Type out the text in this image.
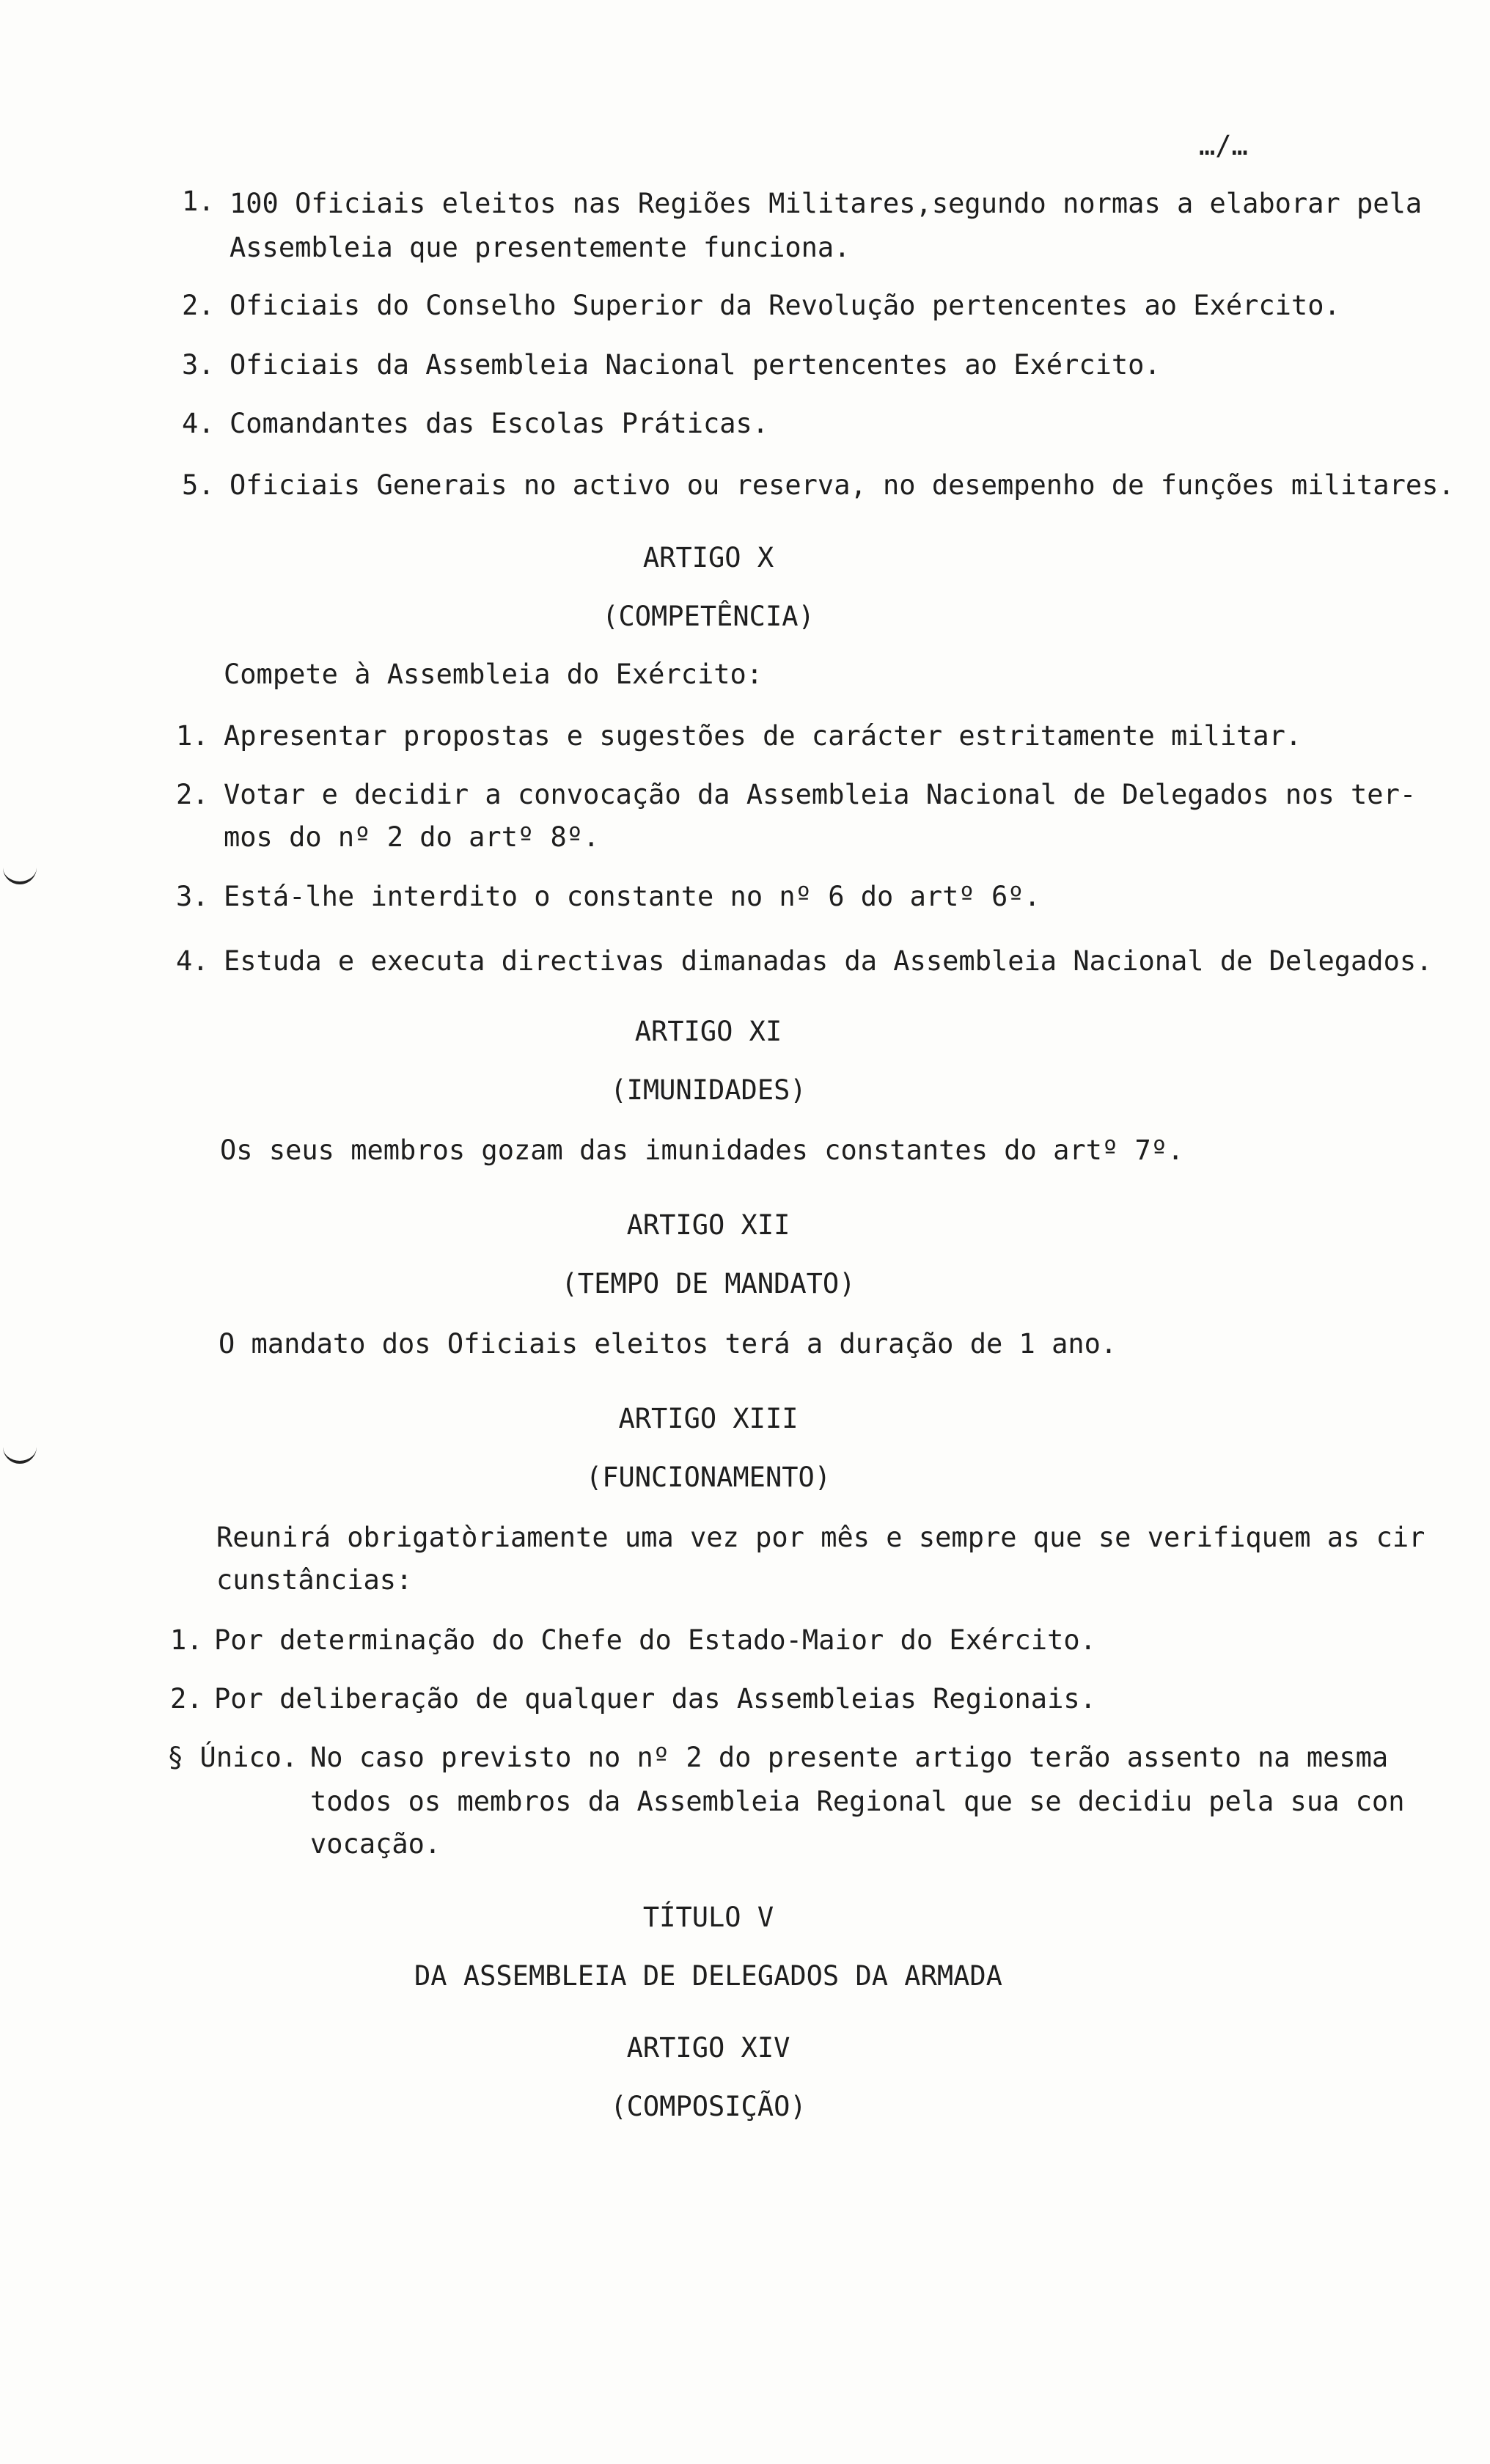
…/…
1. 100 Oficiais eleitos nas Regiões Militares,segundo normas a elaborar pela
Assembleia que presentemente funciona.
2. Oficiais do Conselho Superior da Revolução pertencentes ao Exército.
3. Oficiais da Assembleia Nacional pertencentes ao Exército.
4. Comandantes das Escolas Práticas.
5. Oficiais Generais no activo ou reserva, no desempenho de funções militares.
ARTIGO X
(COMPETÊNCIA)
Compete à Assembleia do Exército:
1. Apresentar propostas e sugestões de carácter estritamente militar.
2. Votar e decidir a convocação da Assembleia Nacional de Delegados nos ter-
mos do nº 2 do artº 8º.
3. Está-lhe interdito o constante no nº 6 do artº 6º.
4. Estuda e executa directivas dimanadas da Assembleia Nacional de Delegados.
ARTIGO XI
(IMUNIDADES)
Os seus membros gozam das imunidades constantes do artº 7º.
ARTIGO XII
(TEMPO DE MANDATO)
O mandato dos Oficiais eleitos terá a duração de 1 ano.
ARTIGO XIII
(FUNCIONAMENTO)
Reunirá obrigatòriamente uma vez por mês e sempre que se verifiquem as cir
cunstâncias:
1. Por determinação do Chefe do Estado-Maior do Exército.
2. Por deliberação de qualquer das Assembleias Regionais.
§ Único. No caso previsto no nº 2 do presente artigo terão assento na mesma
todos os membros da Assembleia Regional que se decidiu pela sua con
vocação.
TÍTULO V
DA ASSEMBLEIA DE DELEGADOS DA ARMADA
ARTIGO XIV
(COMPOSIÇÃO)
